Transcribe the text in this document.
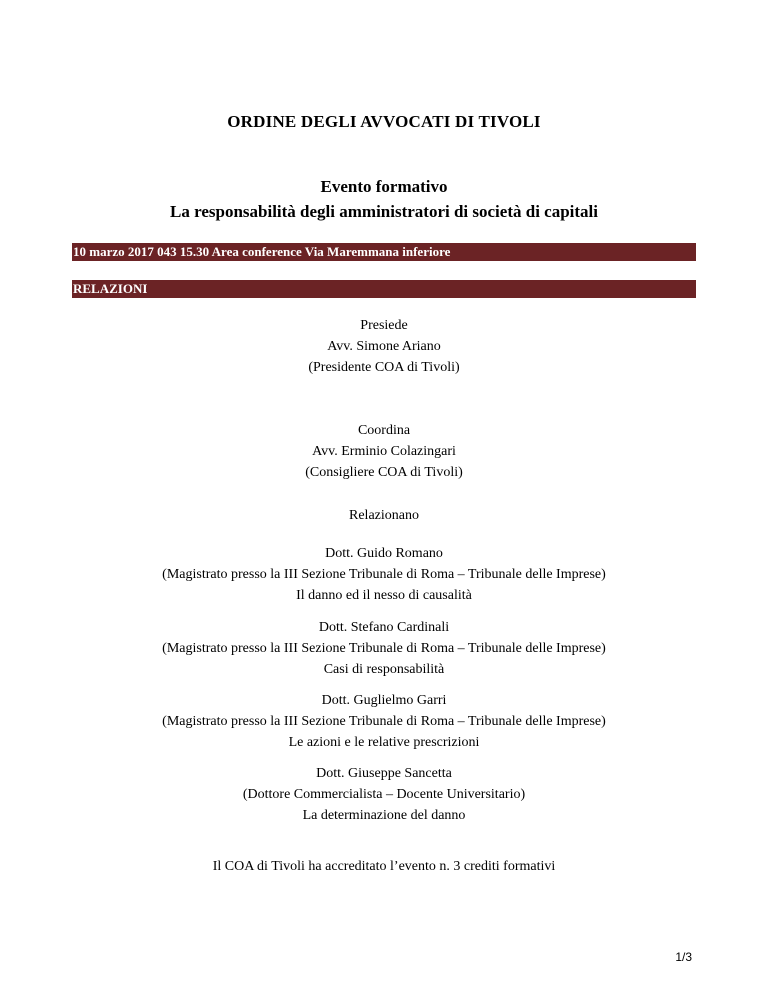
ORDINE DEGLI AVVOCATI DI TIVOLI
Evento formativo
La responsabilità degli amministratori di società di capitali
10 marzo 2017 043 15.30 Area conference Via Maremmana inferiore
RELAZIONI
Presiede
Avv. Simone Ariano
(Presidente COA di Tivoli)
Coordina
Avv. Erminio Colazingari
(Consigliere COA di Tivoli)
Relazionano
Dott. Guido Romano
(Magistrato presso la III Sezione Tribunale di Roma – Tribunale delle Imprese)
Il danno ed il nesso di causalità
Dott. Stefano Cardinali
(Magistrato presso la III Sezione Tribunale di Roma – Tribunale delle Imprese)
Casi di responsabilità
Dott. Guglielmo Garri
(Magistrato presso la III Sezione Tribunale di Roma – Tribunale delle Imprese)
Le azioni e le relative prescrizioni
Dott. Giuseppe Sancetta
(Dottore Commercialista – Docente Universitario)
La determinazione del danno
Il COA di Tivoli ha accreditato l’evento n. 3 crediti formativi
1/3
